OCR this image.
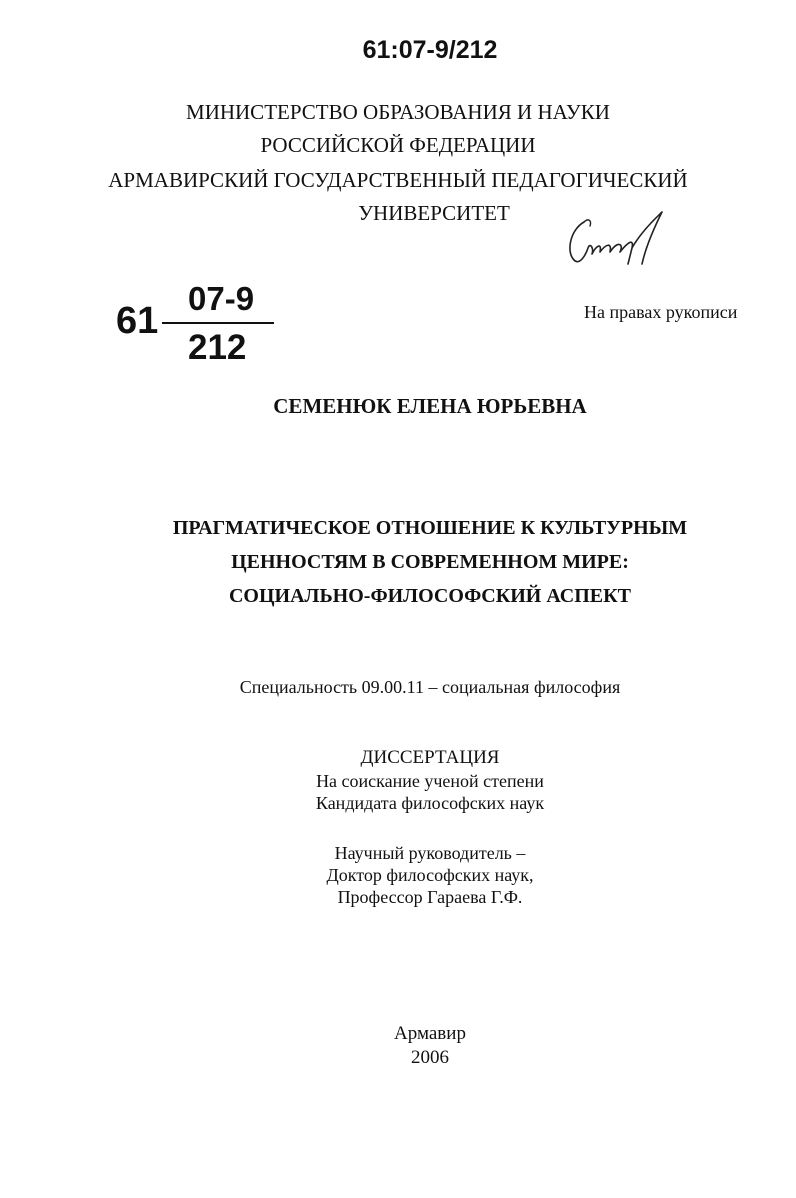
61:07-9/212
МИНИСТЕРСТВО ОБРАЗОВАНИЯ И НАУКИ
РОССИЙСКОЙ ФЕДЕРАЦИИ
АРМАВИРСКИЙ ГОСУДАРСТВЕННЫЙ ПЕДАГОГИЧЕСКИЙ
УНИВЕРСИТЕТ
61
07-9
212
На правах рукописи
СЕМЕНЮК ЕЛЕНА ЮРЬЕВНА
ПРАГМАТИЧЕСКОЕ ОТНОШЕНИЕ К КУЛЬТУРНЫМ
ЦЕННОСТЯМ В СОВРЕМЕННОМ МИРЕ:
СОЦИАЛЬНО-ФИЛОСОФСКИЙ АСПЕКТ
Специальность 09.00.11 – социальная философия
ДИССЕРТАЦИЯ
На соискание ученой степени
Кандидата философских наук
Научный руководитель –
Доктор философских наук,
Профессор Гараева Г.Ф.
Армавир
2006
